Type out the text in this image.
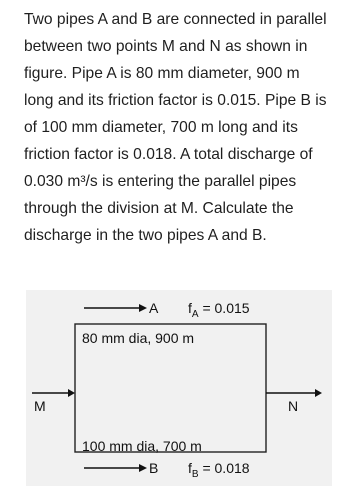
Two pipes A and B are connected in parallel between two points M and N as shown in figure. Pipe A is 80 mm diameter, 900 m long and its friction factor is 0.015. Pipe B is of 100 mm diameter, 700 m long and its friction factor is 0.018. A total discharge of 0.030 m³/s is entering the parallel pipes through the division at M. Calculate the discharge in the two pipes A and B.

A $f_A = 0.015$
80 mm dia, 900 m
M	N
100 mm dia, 700 m
B $f_B = 0.018$
